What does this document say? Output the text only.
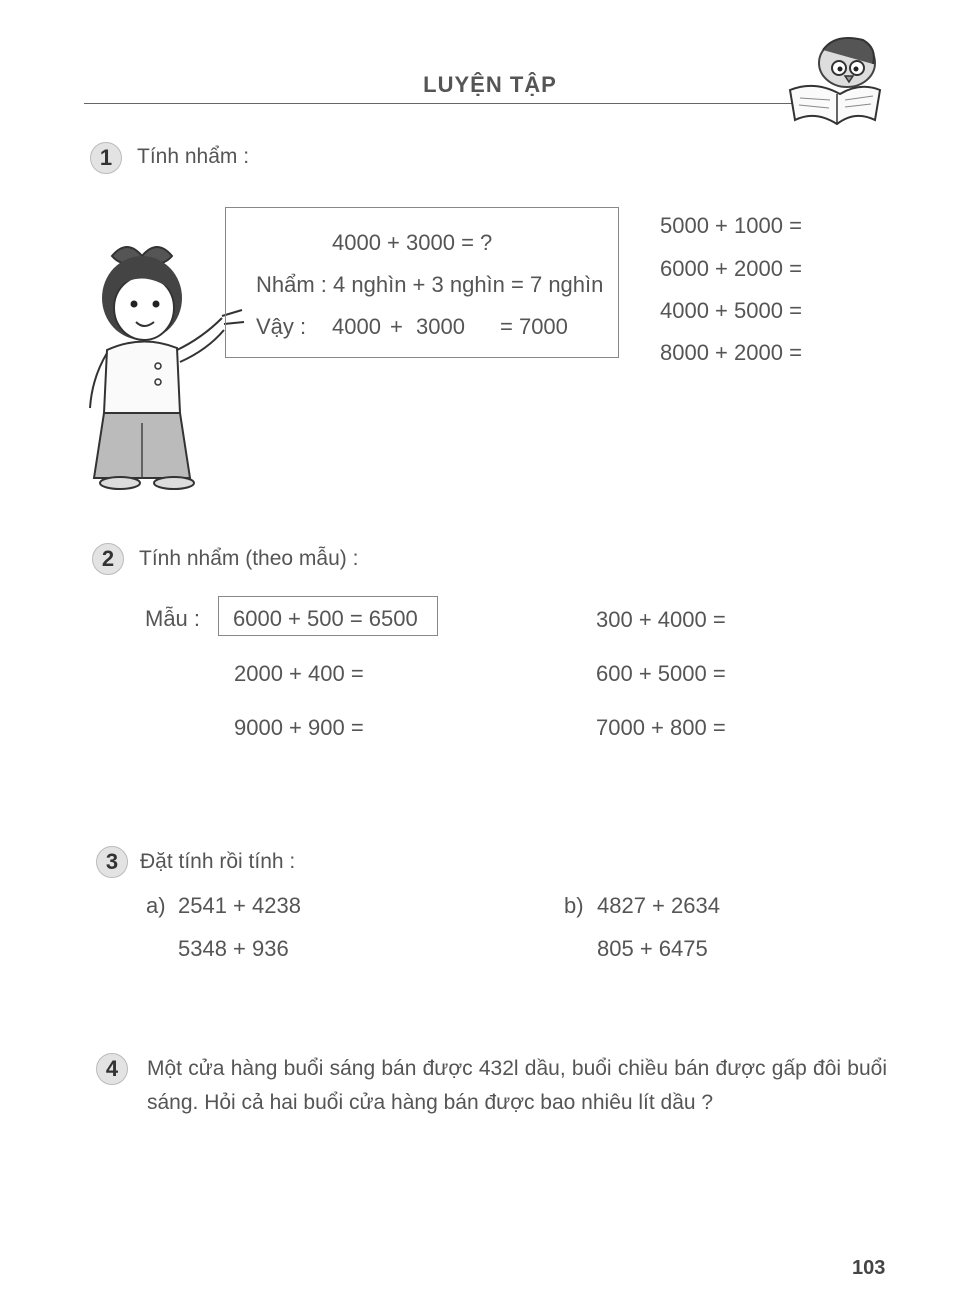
LUYỆN TẬP
1	Tính nhẩm :
4000 + 3000 = ?
Nhẩm : 4 nghìn + 3 nghìn = 7 nghìn
Vậy : 4000 + 3000 = 7000
5000 + 1000 =
6000 + 2000 =
4000 + 5000 =
8000 + 2000 =
2	Tính nhẩm (theo mẫu) :
Mẫu : 6000 + 500 = 6500
2000 + 400 =
9000 + 900 =
300 + 4000 =
600 + 5000 =
7000 + 800 =
3	Đặt tính rồi tính :
a) 2541 + 4238
5348 + 936
b) 4827 + 2634
805 + 6475
4	Một cửa hàng buổi sáng bán được 432l dầu, buổi chiều bán được gấp đôi buổi sáng. Hỏi cả hai buổi cửa hàng bán được bao nhiêu lít dầu ?
103
